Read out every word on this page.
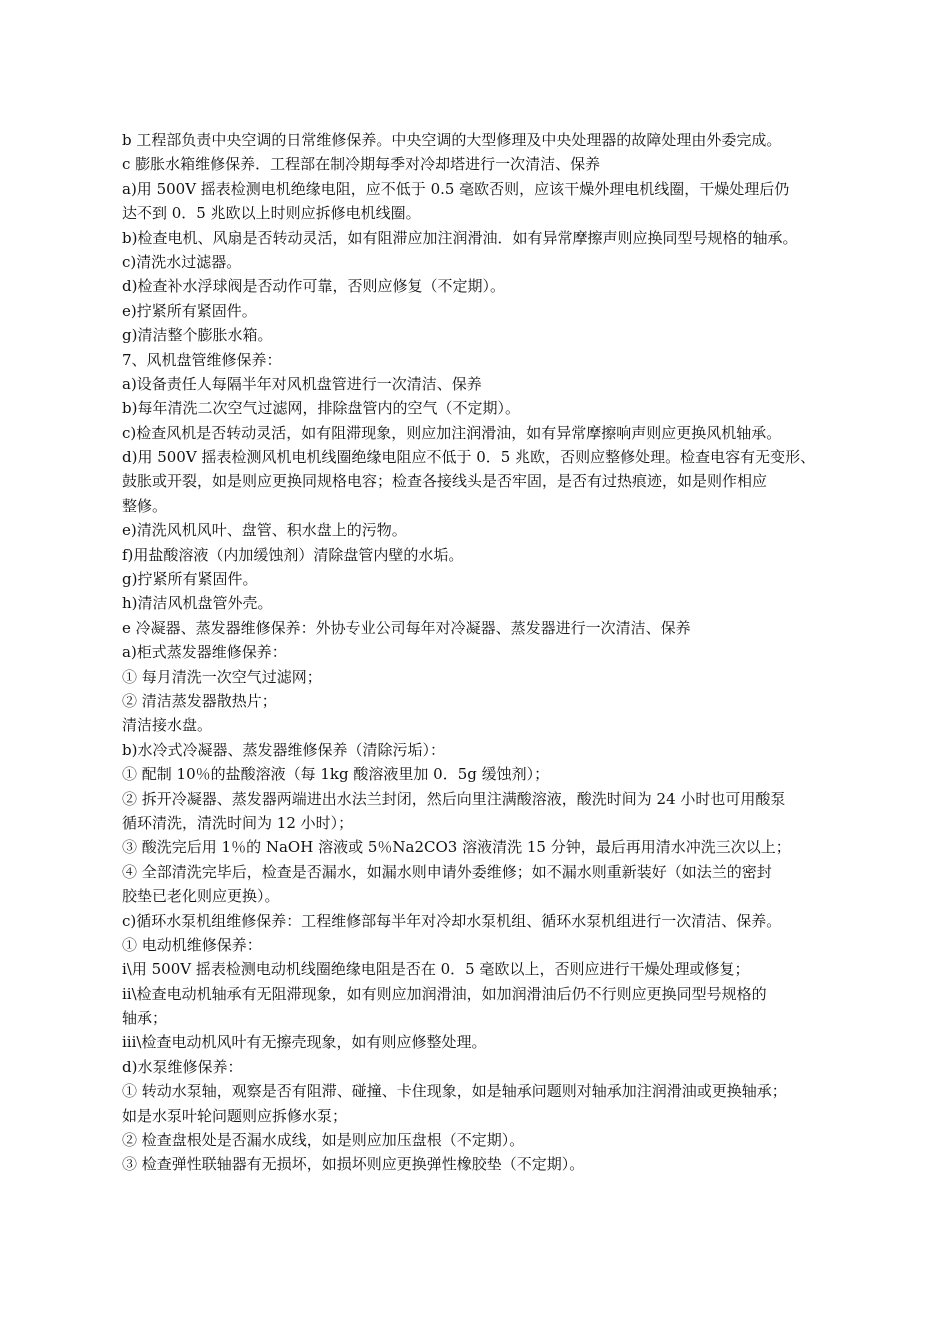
b 工程部负责中央空调的日常维修保养。中央空调的大型修理及中央处理器的故障处理由外委完成。
c 膨胀水箱维修保养．工程部在制冷期每季对冷却塔进行一次清洁、保养
a)用 500V 摇表检测电机绝缘电阻，应不低于 0.5 毫欧否则，应该干燥外理电机线圈，干燥处理后仍
达不到 0．5 兆欧以上时则应拆修电机线圈。
b)检查电机、风扇是否转动灵活，如有阻滞应加注润滑油．如有异常摩擦声则应换同型号规格的轴承。
c)清洗水过滤器。
d)检查补水浮球阀是否动作可靠，否则应修复（不定期）。
e)拧紧所有紧固件。
g)清洁整个膨胀水箱。
7、风机盘管维修保养：
a)设备责任人每隔半年对风机盘管进行一次清洁、保养
b)每年清洗二次空气过滤网，排除盘管内的空气（不定期）。
c)检查风机是否转动灵活，如有阻滞现象，则应加注润滑油，如有异常摩擦响声则应更换风机轴承。
d)用 500V 摇表检测风机电机线圈绝缘电阻应不低于 0．5 兆欧，否则应整修处理。检查电容有无变形、
鼓胀或开裂，如是则应更换同规格电容；检查各接线头是否牢固，是否有过热痕迹，如是则作相应
整修。
e)清洗风机风叶、盘管、积水盘上的污物。
f)用盐酸溶液（内加缓蚀剂）清除盘管内壁的水垢。
g)拧紧所有紧固件。
h)清洁风机盘管外壳。
e 冷凝器、蒸发器维修保养：外协专业公司每年对冷凝器、蒸发器进行一次清洁、保养
a)柜式蒸发器维修保养：
① 每月清洗一次空气过滤网；
② 清洁蒸发器散热片；
清洁接水盘。
b)水冷式冷凝器、蒸发器维修保养（清除污垢）：
① 配制 10％的盐酸溶液（每 1kg 酸溶液里加 0．5g 缓蚀剂）；
② 拆开冷凝器、蒸发器两端进出水法兰封闭，然后向里注满酸溶液，酸洗时间为 24 小时也可用酸泵
循环清洗，清洗时间为 12 小时）；
③ 酸洗完后用 1％的 NaOH 溶液或 5％Na2CO3 溶液清洗 15 分钟，最后再用清水冲洗三次以上；
④ 全部清洗完毕后，检查是否漏水，如漏水则申请外委维修；如不漏水则重新装好（如法兰的密封
胶垫已老化则应更换）。
c)循环水泵机组维修保养：工程维修部每半年对冷却水泵机组、循环水泵机组进行一次清洁、保养。
① 电动机维修保养：
i\用 500V 摇表检测电动机线圈绝缘电阻是否在 0．5 毫欧以上，否则应进行干燥处理或修复；
ii\检查电动机轴承有无阻滞现象，如有则应加润滑油，如加润滑油后仍不行则应更换同型号规格的
轴承；
iii\检查电动机风叶有无擦壳现象，如有则应修整处理。
d)水泵维修保养：
① 转动水泵轴，观察是否有阻滞、碰撞、卡住现象，如是轴承问题则对轴承加注润滑油或更换轴承；
如是水泵叶轮问题则应拆修水泵；
② 检查盘根处是否漏水成线，如是则应加压盘根（不定期）。
③ 检查弹性联轴器有无损坏，如损坏则应更换弹性橡胶垫（不定期）。
